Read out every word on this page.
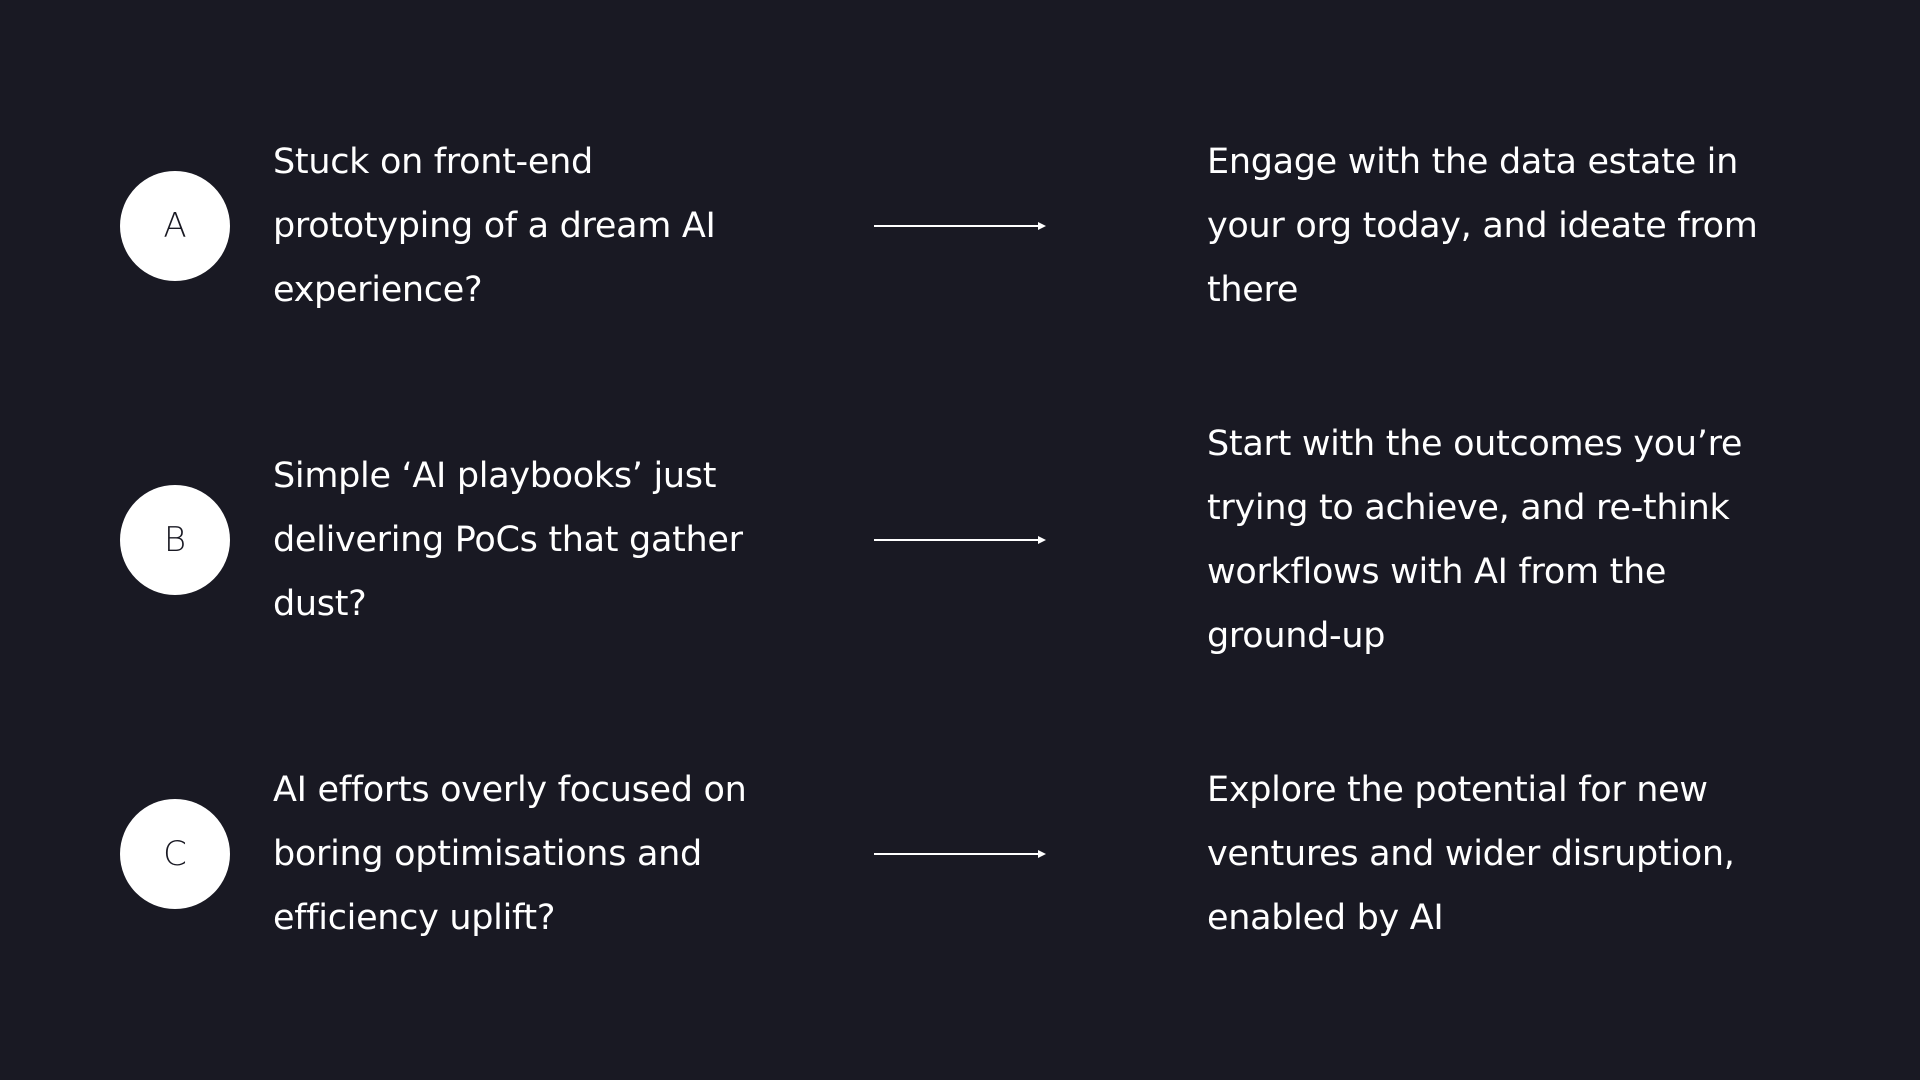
A
Stuck on front-end prototyping of a dream AI experience?
Engage with the data estate in your org today, and ideate from there
B
Simple ‘AI playbooks’ just delivering PoCs that gather dust?
Start with the outcomes you’re trying to achieve, and re-think workflows with AI from the ground-up
C
AI efforts overly focused on boring optimisations and efficiency uplift?
Explore the potential for new ventures and wider disruption, enabled by AI
